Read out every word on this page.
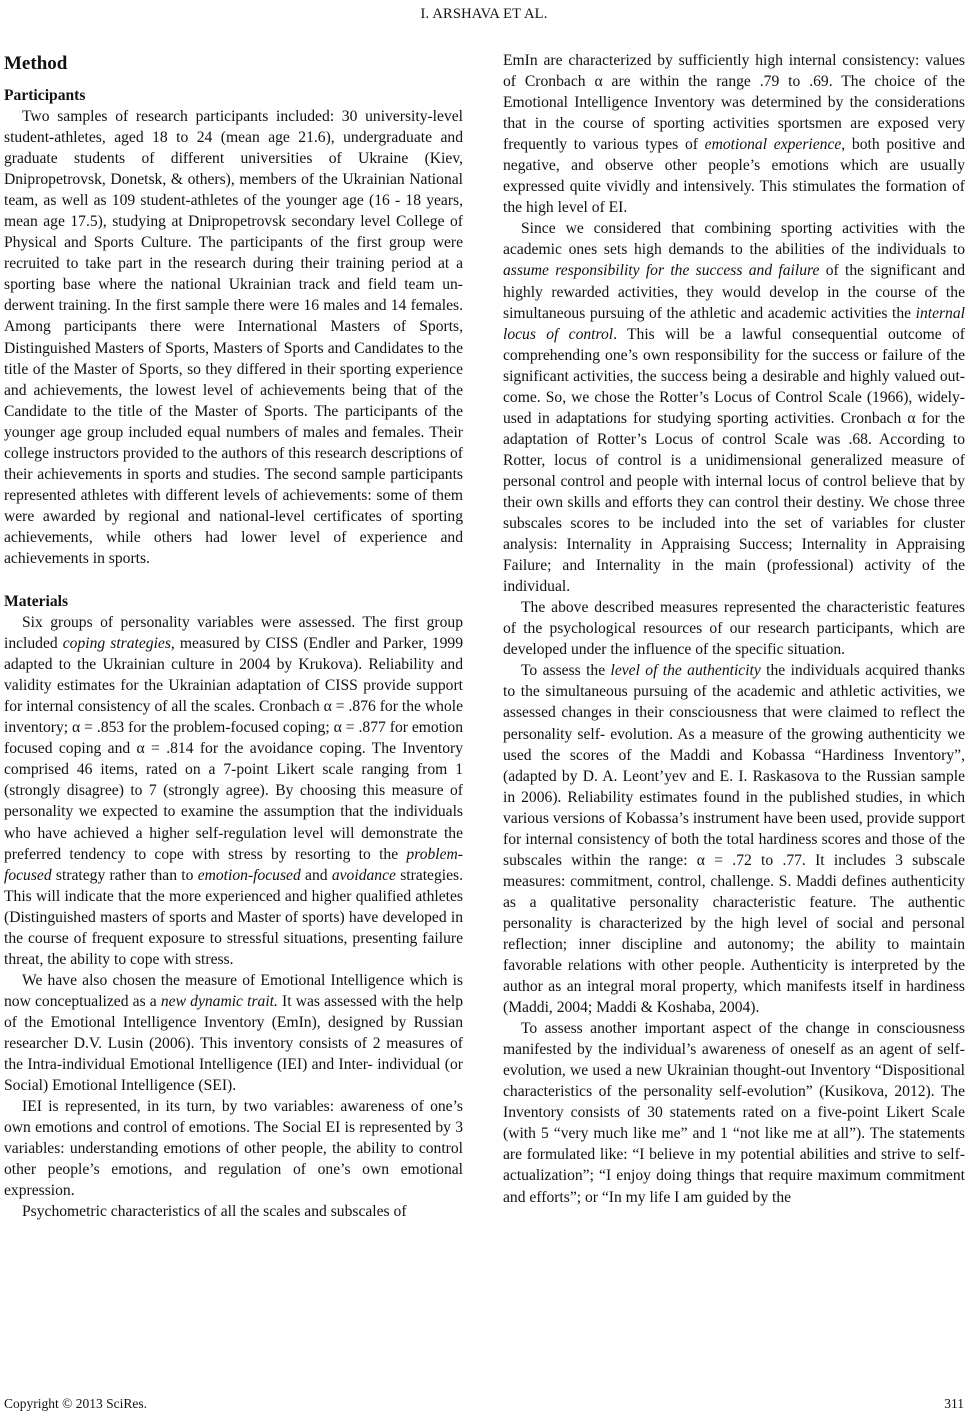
I. ARSHAVA ET AL.
Method
Participants

Two samples of research participants included: 30 university-level student-athletes, aged 18 to 24 (mean age 21.6), undergraduate and graduate students of different universities of Ukraine (Kiev, Dnipropetrovsk, Donetsk, & others), members of the Ukrainian National team, as well as 109 student-athletes of the younger age (16 - 18 years, mean age 17.5), studying at Dnipropetrovsk secondary level College of Physical and Sports Culture. The participants of the first group were recruited to take part in the research during their training period at a sporting base where the national Ukrainian track and field team underwent training. In the first sample there were 16 males and 14 females. Among participants there were International Masters of Sports, Distinguished Masters of Sports, Masters of Sports and Candidates to the title of the Master of Sports, so they differed in their sporting experience and achievements, the lowest level of achievements being that of the Candidate to the title of the Master of Sports. The participants of the younger age group included equal numbers of males and females. Their college instructors provided to the authors of this research descriptions of their achievements in sports and studies. The second sample participants represented athletes with different levels of achievements: some of them were awarded by regional and national-level certificates of sporting achievements, while others had lower level of experience and achievements in sports.

Materials

Six groups of personality variables were assessed. The first group included coping strategies, measured by CISS (Endler and Parker, 1999 adapted to the Ukrainian culture in 2004 by Krukova). Reliability and validity estimates for the Ukrainian adaptation of CISS provide support for internal consistency of all the scales. Cronbach α = .876 for the whole inventory; α = .853 for the problem-focused coping; α = .877 for emotion focused coping and α = .814 for the avoidance coping. The Inventory comprised 46 items, rated on a 7-point Likert scale ranging from 1 (strongly disagree) to 7 (strongly agree). By choosing this measure of personality we expected to examine the assumption that the individuals who have achieved a higher self-regulation level will demonstrate the preferred tendency to cope with stress by resorting to the problem-focused strategy rather than to emotion-focused and avoidance strategies. This will indicate that the more experienced and higher qualified athletes (Distinguished masters of sports and Master of sports) have developed in the course of frequent exposure to stressful situations, presenting failure threat, the ability to cope with stress.

We have also chosen the measure of Emotional Intelligence which is now conceptualized as a new dynamic trait. It was assessed with the help of the Emotional Intelligence Inventory (EmIn), designed by Russian researcher D.V. Lusin (2006). This inventory consists of 2 measures of the Intra-individual Emotional Intelligence (IEI) and Inter- individual (or Social) Emotional Intelligence (SEI).

IEI is represented, in its turn, by two variables: awareness of one’s own emotions and control of emotions. The Social EI is represented by 3 variables: understanding emotions of other people, the ability to control other people’s emotions, and regulation of one’s own emotional expression.

Psychometric characteristics of all the scales and subscales of

EmIn are characterized by sufficiently high internal consistency: values of Cronbach α are within the range .79 to .69. The choice of the Emotional Intelligence Inventory was determined by the considerations that in the course of sporting activities sportsmen are exposed very frequently to various types of emotional experience, both positive and negative, and observe other people’s emotions which are usually expressed quite vividly and intensively. This stimulates the formation of the high level of EI.

Since we considered that combining sporting activities with the academic ones sets high demands to the abilities of the individuals to assume responsibility for the success and failure of the significant and highly rewarded activities, they would develop in the course of the simultaneous pursuing of the athletic and academic activities the internal locus of control. This will be a lawful consequential outcome of comprehending one’s own responsibility for the success or failure of the significant activities, the success being a desirable and highly valued outcome. So, we chose the Rotter’s Locus of Control Scale (1966), widely-used in adaptations for studying sporting activities. Cronbach α for the adaptation of Rotter’s Locus of control Scale was .68. According to Rotter, locus of control is a unidimensional generalized measure of personal control and people with internal locus of control believe that by their own skills and efforts they can control their destiny. We chose three subscales scores to be included into the set of variables for cluster analysis: Internality in Appraising Success; Internality in Appraising Failure; and Internality in the main (professional) activity of the individual.

The above described measures represented the characteristic features of the psychological resources of our research participants, which are developed under the influence of the specific situation.

To assess the level of the authenticity the individuals acquired thanks to the simultaneous pursuing of the academic and athletic activities, we assessed changes in their consciousness that were claimed to reflect the personality self- evolution. As a measure of the growing authenticity we used the scores of the Maddi and Kobassa “Hardiness Inventory”, (adapted by D. A. Leont’yev and E. I. Raskasova to the Russian sample in 2006). Reliability estimates found in the published studies, in which various versions of Kobassa’s instrument have been used, provide support for internal consistency of both the total hardiness scores and those of the subscales within the range: α = .72 to .77. It includes 3 subscale measures: commitment, control, challenge. S. Maddi defines authenticity as a qualitative personality characteristic feature. The authentic personality is characterized by the high level of social and personal reflection; inner discipline and autonomy; the ability to maintain favorable relations with other people. Authenticity is interpreted by the author as an integral moral property, which manifests itself in hardiness (Maddi, 2004; Maddi & Koshaba, 2004).

To assess another important aspect of the change in consciousness manifested by the individual’s awareness of oneself as an agent of self-evolution, we used a new Ukrainian thought-out Inventory “Dispositional characteristics of the personality self-evolution” (Kusikova, 2012). The Inventory consists of 30 statements rated on a five-point Likert Scale (with 5 “very much like me” and 1 “not like me at all”). The statements are formulated like: “I believe in my potential abilities and strive to self-actualization”; “I enjoy doing things that require maximum commitment and efforts”; or “In my life I am guided by the

Copyright © 2013 SciRes.	311
